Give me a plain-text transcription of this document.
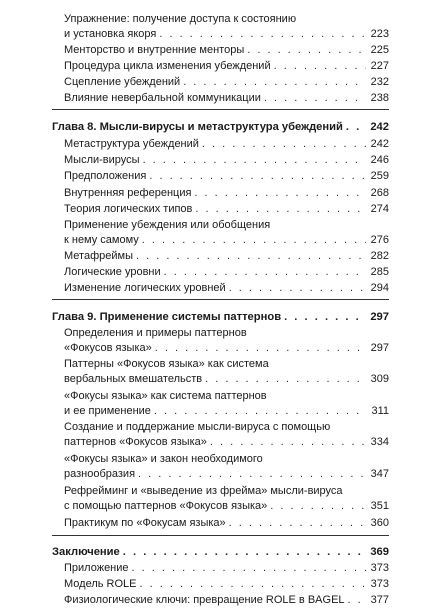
Упражнение: получение доступа к состоянию
и установка якоря . . .	223
Менторство и внутренние менторы . . .	225
Процедура цикла изменения убеждений . . .	227
Сцепление убеждений . . .	232
Влияние невербальной коммуникации . . .	238
Глава 8. Мысли-вирусы и метаструктура убеждений . . . 242
Метаструктура убеждений . . .	242
Мысли-вирусы . . .	246
Предположения . . .	259
Внутренняя референция . . .	268
Теория логических типов . . .	274
Применение убеждения или обобщения
к нему самому . . .	276
Метафреймы . . .	282
Логические уровни . . .	285
Изменение логических уровней . . .	294
Глава 9. Применение системы паттернов . . .	297
Определения и примеры паттернов
«Фокусов языка» . . .	297
Паттерны «Фокусов языка» как система
вербальных вмешательств . . .	309
«Фокусы языка» как система паттернов
и ее применение . . .	311
Создание и поддержание мысли-вируса с помощью
паттернов «Фокусов языка» . . .	334
«Фокусы языка» и закон необходимого
разнообразия . . .	347
Рефрейминг и «выведение из фрейма» мысли-вируса
с помощью паттернов «Фокусов языка» . . .	351
Практикум по «Фокусам языка» . . .	360
Заключение . . .	369
Приложение . . .	373
Модель ROLE . . .	373
Физиологические ключи: превращение ROLE в BAGEL . . . 377
